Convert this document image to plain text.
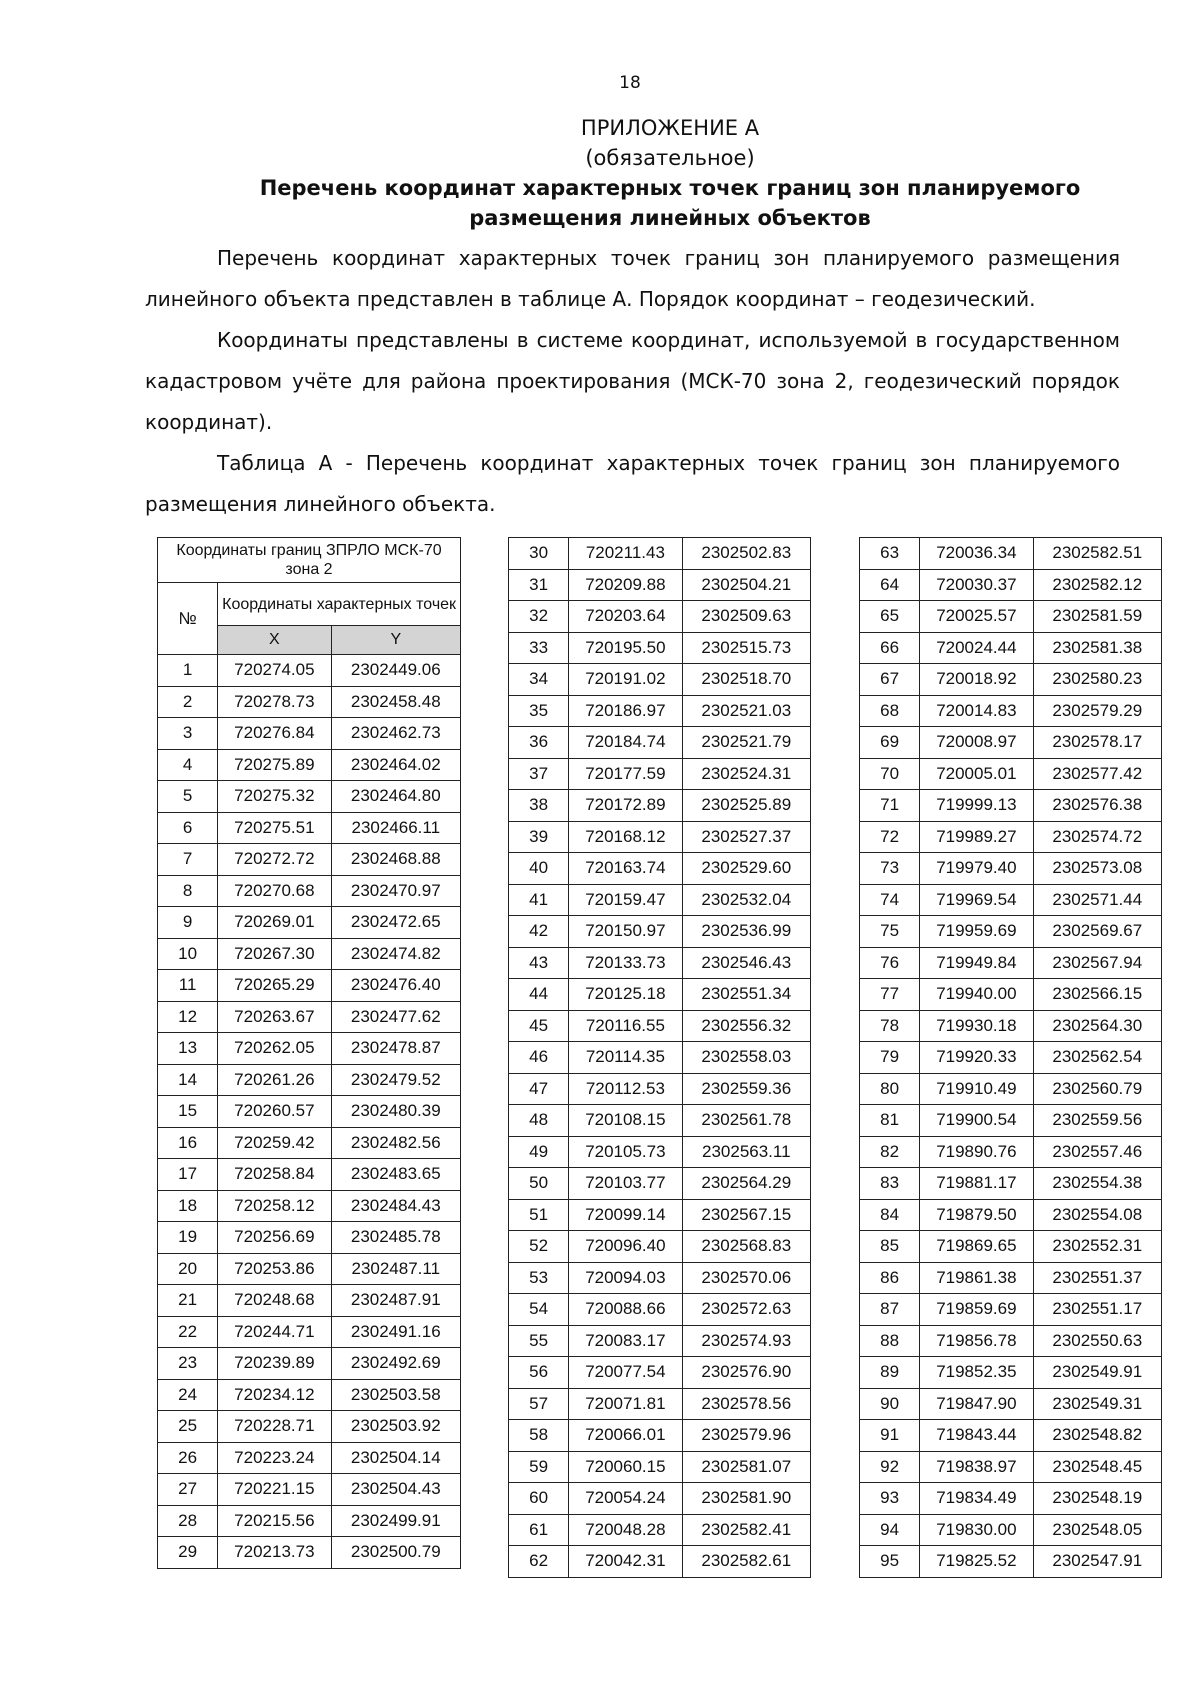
18
ПРИЛОЖЕНИЕ А
(обязательное)
Перечень координат характерных точек границ зон планируемого
размещения линейных объектов
Перечень координат характерных точек границ зон планируемого размещения линейного объекта представлен в таблице А. Порядок координат – геодезический.
Координаты представлены в системе координат, используемой в государственном кадастровом учёте для района проектирования (МСК-70 зона 2, геодезический порядок координат).
Таблица А - Перечень координат характерных точек границ зон планируемого размещения линейного объекта.
Координаты границ ЗПРЛО МСК-70 зона 2		
№	Координаты характерных точек	
	X	Y
1	720274.05	2302449.06
2	720278.73	2302458.48
3	720276.84	2302462.73
4	720275.89	2302464.02
5	720275.32	2302464.80
6	720275.51	2302466.11
7	720272.72	2302468.88
8	720270.68	2302470.97
9	720269.01	2302472.65
10	720267.30	2302474.82
11	720265.29	2302476.40
12	720263.67	2302477.62
13	720262.05	2302478.87
14	720261.26	2302479.52
15	720260.57	2302480.39
16	720259.42	2302482.56
17	720258.84	2302483.65
18	720258.12	2302484.43
19	720256.69	2302485.78
20	720253.86	2302487.11
21	720248.68	2302487.91
22	720244.71	2302491.16
23	720239.89	2302492.69
24	720234.12	2302503.58
25	720228.71	2302503.92
26	720223.24	2302504.14
27	720221.15	2302504.43
28	720215.56	2302499.91
29	720213.73	2302500.79
30	720211.43	2302502.83
31	720209.88	2302504.21
32	720203.64	2302509.63
33	720195.50	2302515.73
34	720191.02	2302518.70
35	720186.97	2302521.03
36	720184.74	2302521.79
37	720177.59	2302524.31
38	720172.89	2302525.89
39	720168.12	2302527.37
40	720163.74	2302529.60
41	720159.47	2302532.04
42	720150.97	2302536.99
43	720133.73	2302546.43
44	720125.18	2302551.34
45	720116.55	2302556.32
46	720114.35	2302558.03
47	720112.53	2302559.36
48	720108.15	2302561.78
49	720105.73	2302563.11
50	720103.77	2302564.29
51	720099.14	2302567.15
52	720096.40	2302568.83
53	720094.03	2302570.06
54	720088.66	2302572.63
55	720083.17	2302574.93
56	720077.54	2302576.90
57	720071.81	2302578.56
58	720066.01	2302579.96
59	720060.15	2302581.07
60	720054.24	2302581.90
61	720048.28	2302582.41
62	720042.31	2302582.61
63	720036.34	2302582.51
64	720030.37	2302582.12
65	720025.57	2302581.59
66	720024.44	2302581.38
67	720018.92	2302580.23
68	720014.83	2302579.29
69	720008.97	2302578.17
70	720005.01	2302577.42
71	719999.13	2302576.38
72	719989.27	2302574.72
73	719979.40	2302573.08
74	719969.54	2302571.44
75	719959.69	2302569.67
76	719949.84	2302567.94
77	719940.00	2302566.15
78	719930.18	2302564.30
79	719920.33	2302562.54
80	719910.49	2302560.79
81	719900.54	2302559.56
82	719890.76	2302557.46
83	719881.17	2302554.38
84	719879.50	2302554.08
85	719869.65	2302552.31
86	719861.38	2302551.37
87	719859.69	2302551.17
88	719856.78	2302550.63
89	719852.35	2302549.91
90	719847.90	2302549.31
91	719843.44	2302548.82
92	719838.97	2302548.45
93	719834.49	2302548.19
94	719830.00	2302548.05
95	719825.52	2302547.91
